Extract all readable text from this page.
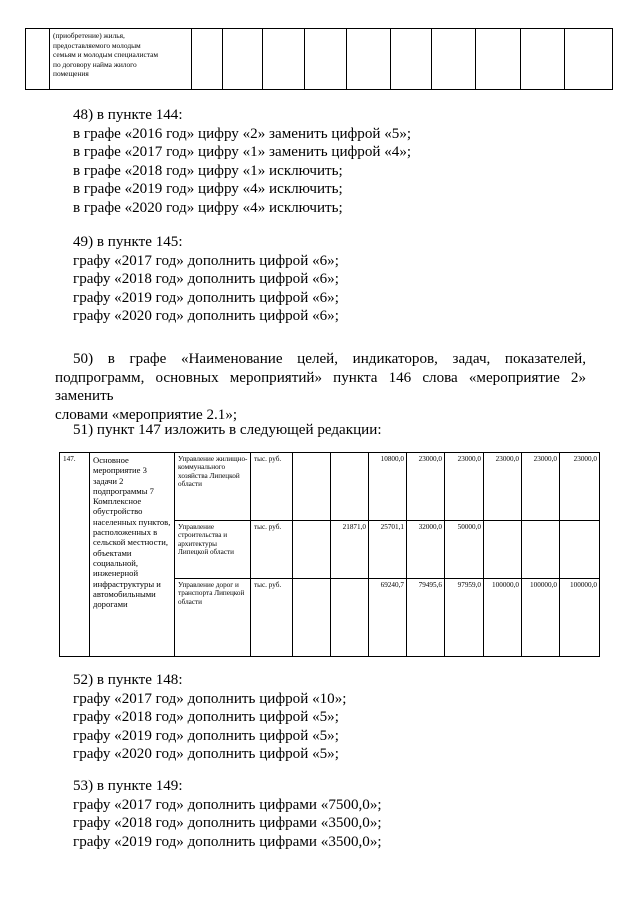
(приобретение) жилья,
предоставляемого молодым
семьям и молодым специалистам
по договору найма жилого
помещения

48) в пункте 144:
в графе «2016 год» цифру «2» заменить цифрой «5»;
в графе «2017 год» цифру «1» заменить цифрой «4»;
в графе «2018 год» цифру «1» исключить;
в графе «2019 год» цифру «4» исключить;
в графе «2020 год» цифру «4» исключить;
49) в пункте 145:
графу «2017 год» дополнить цифрой «6»;
графу «2018 год» дополнить цифрой «6»;
графу «2019 год» дополнить цифрой «6»;
графу «2020 год» дополнить цифрой «6»;
50) в графе «Наименование целей, индикаторов, задач, показателей,
подпрограмм, основных мероприятий» пункта 146 слова «мероприятие 2» заменить
словами «мероприятие 2.1»;
51) пункт 147 изложить в следующей редакции:
147.	Основное мероприятие 3 задачи 2 подпрограммы 7 Комплексное обустройство населенных пунктов, расположенных в сельской местности, объектами социальной, инженерной инфраструктуры и автомобильными дорогами	Управление жилищно-коммунального хозяйства Липецкой области	тыс. руб.			10800,0	23000,0	23000,0	23000,0	23000,0	23000,0
		Управление строительства и архитектуры Липецкой области	тыс. руб.		21871,0	25701,1	32000,0	50000,0			
		Управление дорог и транспорта Липецкой области	тыс. руб.			69240,7	79495,6	97959,0	100000,0	100000,0	100000,0
52) в пункте 148:
графу «2017 год» дополнить цифрой «10»;
графу «2018 год» дополнить цифрой «5»;
графу «2019 год» дополнить цифрой «5»;
графу «2020 год» дополнить цифрой «5»;
53) в пункте 149:
графу «2017 год» дополнить цифрами «7500,0»;
графу «2018 год» дополнить цифрами «3500,0»;
графу «2019 год» дополнить цифрами «3500,0»;
